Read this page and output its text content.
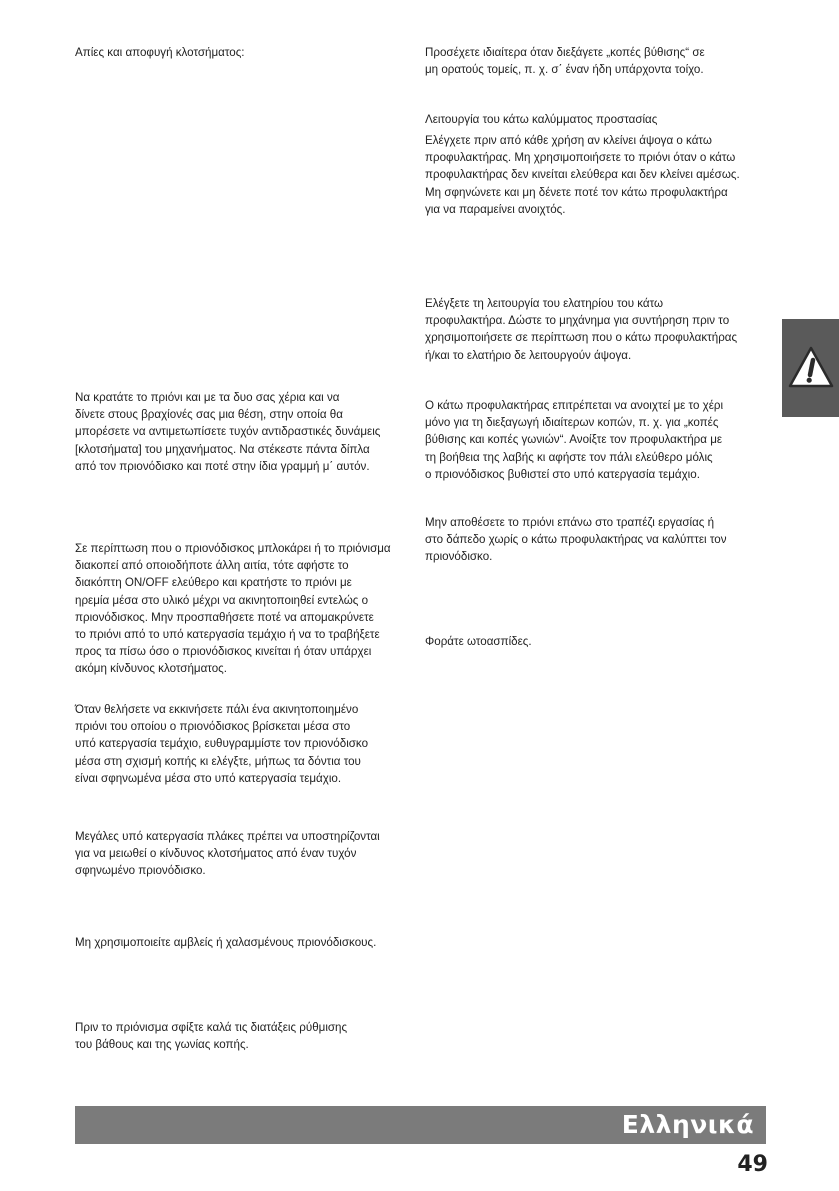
Απίες και αποφυγή κλοτσήματος:

Να κρατάτε το πριόνι και με τα δυο σας χέρια και να
δίνετε στους βραχίονές σας μια θέση, στην οποία θα
μπορέσετε να αντιμετωπίσετε τυχόν αντιδραστικές δυνάμεις
[κλοτσήματα] του μηχανήματος. Να στέκεστε πάντα δίπλα
από τον πριονόδισκο και ποτέ στην ίδια γραμμή μ΄ αυτόν.

Σε περίπτωση που ο πριονόδισκος μπλοκάρει ή το πριόνισμα
διακοπεί από οποιοδήποτε άλλη αιτία, τότε αφήστε το
διακόπτη ON/OFF ελεύθερο και κρατήστε το πριόνι με
ηρεμία μέσα στο υλικό μέχρι να ακινητοποιηθεί εντελώς ο
πριονόδισκος. Μην προσπαθήσετε ποτέ να απομακρύνετε
το πριόνι από το υπό κατεργασία τεμάχιο ή να το τραβήξετε
προς τα πίσω όσο ο πριονόδισκος κινείται ή όταν υπάρχει
ακόμη κίνδυνος κλοτσήματος.

Όταν θελήσετε να εκκινήσετε πάλι ένα ακινητοποιημένο
πριόνι του οποίου ο πριονόδισκος βρίσκεται μέσα στο
υπό κατεργασία τεμάχιο, ευθυγραμμίστε τον πριονόδισκο
μέσα στη σχισμή κοπής κι ελέγξτε, μήπως τα δόντια του
είναι σφηνωμένα μέσα στο υπό κατεργασία τεμάχιο.

Μεγάλες υπό κατεργασία πλάκες πρέπει να υποστηρίζονται
για να μειωθεί ο κίνδυνος κλοτσήματος από έναν τυχόν
σφηνωμένο πριονόδισκο.

Μη χρησιμοποιείτε αμβλείς ή χαλασμένους πριονόδισκους.

Πριν το πριόνισμα σφίξτε καλά τις διατάξεις ρύθμισης
του βάθους και της γωνίας κοπής.

Προσέχετε ιδιαίτερα όταν διεξάγετε „κοπές βύθισης“ σε
μη ορατούς τομείς, π. χ. σ΄ έναν ήδη υπάρχοντα τοίχο.

Λειτουργία του κάτω καλύμματος προστασίας

Ελέγχετε πριν από κάθε χρήση αν κλείνει άψογα ο κάτω
προφυλακτήρας. Μη χρησιμοποιήσετε το πριόνι όταν ο κάτω
προφυλακτήρας δεν κινείται ελεύθερα και δεν κλείνει αμέσως.
Μη σφηνώνετε και μη δένετε ποτέ τον κάτω προφυλακτήρα
για να παραμείνει ανοιχτός.

Ελέγξετε τη λειτουργία του ελατηρίου του κάτω
προφυλακτήρα. Δώστε το μηχάνημα για συντήρηση πριν το
χρησιμοποιήσετε σε περίπτωση που ο κάτω προφυλακτήρας
ή/και το ελατήριο δε λειτουργούν άψογα.

Ο κάτω προφυλακτήρας επιτρέπεται να ανοιχτεί με το χέρι
μόνο για τη διεξαγωγή ιδιαίτερων κοπών, π. χ. για „κοπές
βύθισης και κοπές γωνιών“. Ανοίξτε τον προφυλακτήρα με
τη βοήθεια της λαβής κι αφήστε τον πάλι ελεύθερο μόλις
ο πριονόδισκος βυθιστεί στο υπό κατεργασία τεμάχιο.

Μην αποθέσετε το πριόνι επάνω στο τραπέζι εργασίας ή
στο δάπεδο χωρίς ο κάτω προφυλακτήρας να καλύπτει τον
πριονόδισκο.

Φοράτε ωτοασπίδες.

Ελληνικά
49
